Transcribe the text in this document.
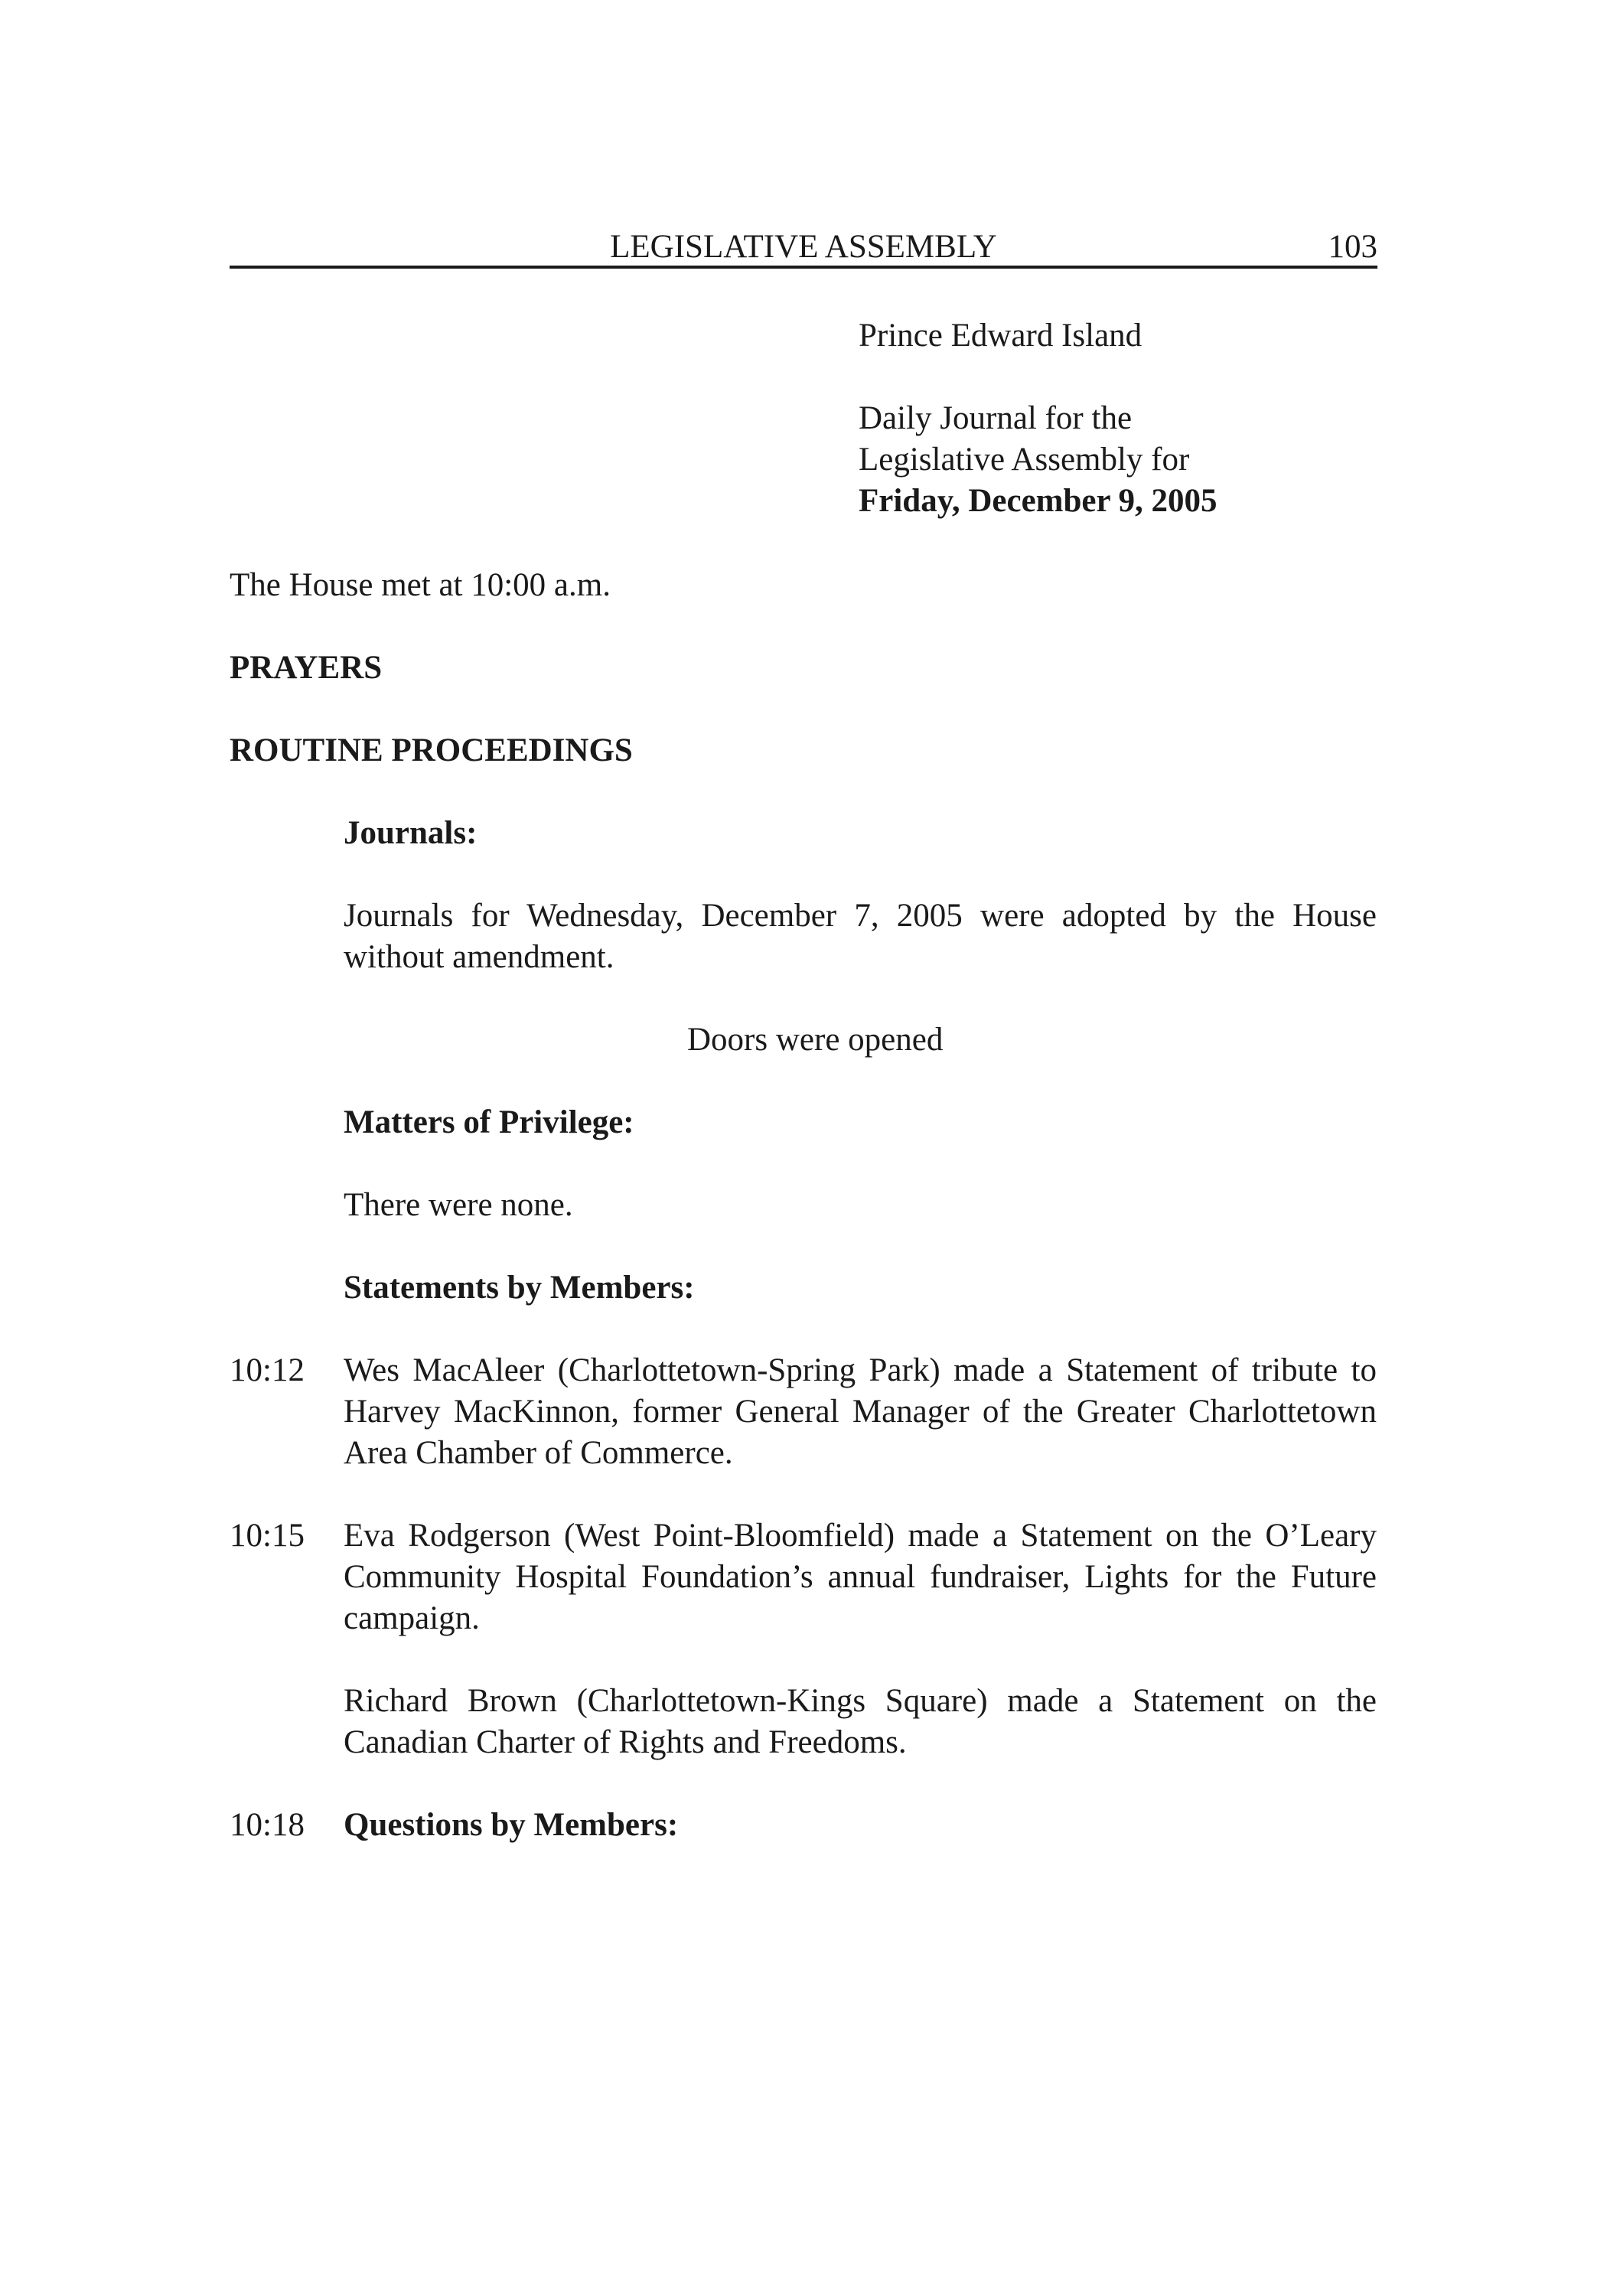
LEGISLATIVE ASSEMBLY	103

Prince Edward Island

Daily Journal for the

Legislative Assembly for

Friday, December 9, 2005

The House met at 10:00 a.m.
PRAYERS
ROUTINE PROCEEDINGS
Journals:
Journals for Wednesday, December 7, 2005 were adopted by the House
without amendment.
Doors were opened
Matters of Privilege:
There were none.
Statements by Members:
10:12	Wes MacAleer (Charlottetown-Spring Park) made a Statement of tribute to
Harvey MacKinnon, former General Manager of the Greater Charlottetown
Area Chamber of Commerce.
10:15	Eva Rodgerson (West Point-Bloomfield) made a Statement on the O’Leary
Community Hospital Foundation’s annual fundraiser, Lights for the Future
campaign.
Richard Brown (Charlottetown-Kings Square) made a Statement on the
Canadian Charter of Rights and Freedoms.
10:18	Questions by Members:
